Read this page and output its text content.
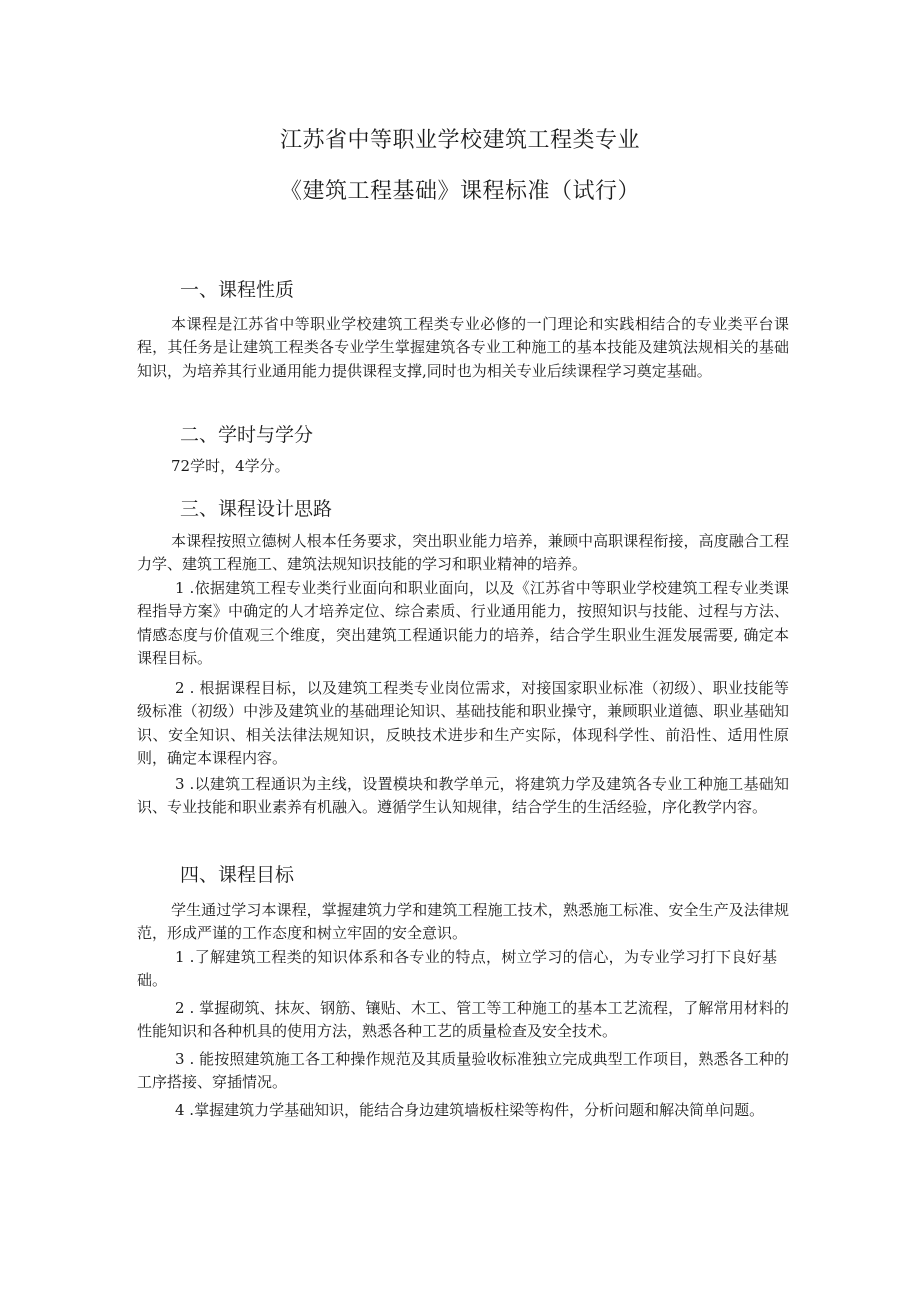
江苏省中等职业学校建筑工程类专业
《建筑工程基础》课程标准（试行）
一、课程性质

本课程是江苏省中等职业学校建筑工程类专业必修的一门理论和实践相结合的专业类平台课程，其任务是让建筑工程类各专业学生掌握建筑各专业工种施工的基本技能及建筑法规相关的基础知识，为培养其行业通用能力提供课程支撑,同时也为相关专业后续课程学习奠定基础。

二、学时与学分

72学时，4学分。

三、课程设计思路

本课程按照立德树人根本任务要求，突出职业能力培养，兼顾中高职课程衔接，高度融合工程力学、建筑工程施工、建筑法规知识技能的学习和职业精神的培养。

1 .依据建筑工程专业类行业面向和职业面向，以及《江苏省中等职业学校建筑工程专业类课程指导方案》中确定的人才培养定位、综合素质、行业通用能力，按照知识与技能、过程与方法、情感态度与价值观三个维度，突出建筑工程通识能力的培养，结合学生职业生涯发展需要, 确定本课程目标。

2 . 根据课程目标，以及建筑工程类专业岗位需求，对接国家职业标准（初级）、职业技能等级标准（初级）中涉及建筑业的基础理论知识、基础技能和职业操守，兼顾职业道德、职业基础知识、安全知识、相关法律法规知识，反映技术进步和生产实际，体现科学性、前沿性、适用性原则，确定本课程内容。

3 .以建筑工程通识为主线，设置模块和教学单元，将建筑力学及建筑各专业工种施工基础知识、专业技能和职业素养有机融入。遵循学生认知规律，结合学生的生活经验，序化教学内容。

四、课程目标

学生通过学习本课程，掌握建筑力学和建筑工程施工技术，熟悉施工标准、安全生产及法律规范，形成严谨的工作态度和树立牢固的安全意识。

1 .了解建筑工程类的知识体系和各专业的特点，树立学习的信心，为专业学习打下良好基础。

2 . 掌握砌筑、抹灰、钢筋、镶贴、木工、管工等工种施工的基本工艺流程，了解常用材料的性能知识和各种机具的使用方法，熟悉各种工艺的质量检查及安全技术。

3 . 能按照建筑施工各工种操作规范及其质量验收标准独立完成典型工作项目，熟悉各工种的工序搭接、穿插情况。

4 .掌握建筑力学基础知识，能结合身边建筑墙板柱梁等构件，分析问题和解决简单问题。
